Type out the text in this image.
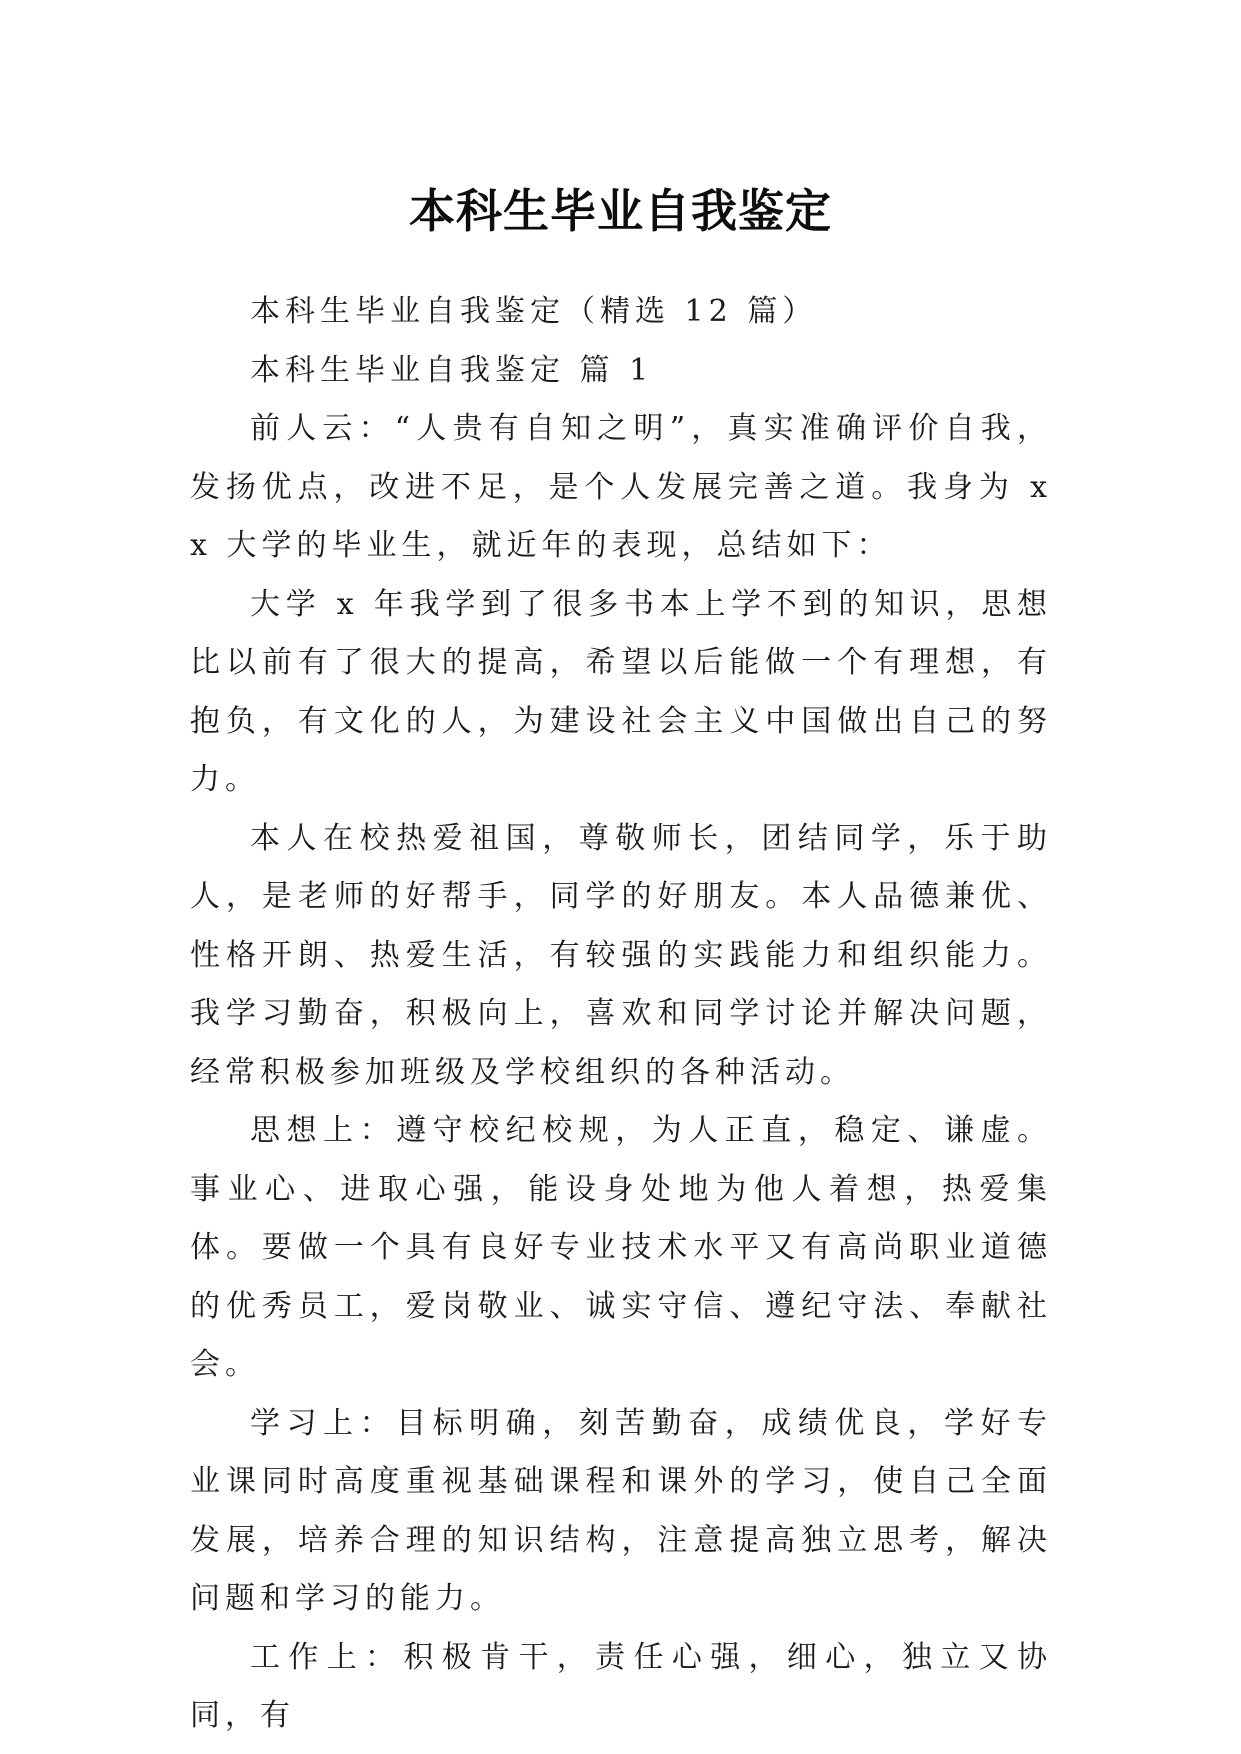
本科生毕业自我鉴定

本科生毕业自我鉴定（精选 12 篇）

本科生毕业自我鉴定 篇 1

前人云：“人贵有自知之明”，真实准确评价自我，发扬优点，改进不足，是个人发展完善之道。我身为 xx 大学的毕业生，就近年的表现，总结如下：

大学 x 年我学到了很多书本上学不到的知识，思想比以前有了很大的提高，希望以后能做一个有理想，有抱负，有文化的人，为建设社会主义中国做出自己的努力。

本人在校热爱祖国，尊敬师长，团结同学，乐于助人，是老师的好帮手，同学的好朋友。本人品德兼优、性格开朗、热爱生活，有较强的实践能力和组织能力。我学习勤奋，积极向上，喜欢和同学讨论并解决问题，经常积极参加班级及学校组织的各种活动。

思想上：遵守校纪校规，为人正直，稳定、谦虚。事业心、进取心强，能设身处地为他人着想，热爱集体。要做一个具有良好专业技术水平又有高尚职业道德的优秀员工，爱岗敬业、诚实守信、遵纪守法、奉献社会。

学习上：目标明确，刻苦勤奋，成绩优良，学好专业课同时高度重视基础课程和课外的学习，使自己全面发展，培养合理的知识结构，注意提高独立思考，解决问题和学习的能力。

工作上：积极肯干，责任心强，细心，独立又协同，有
